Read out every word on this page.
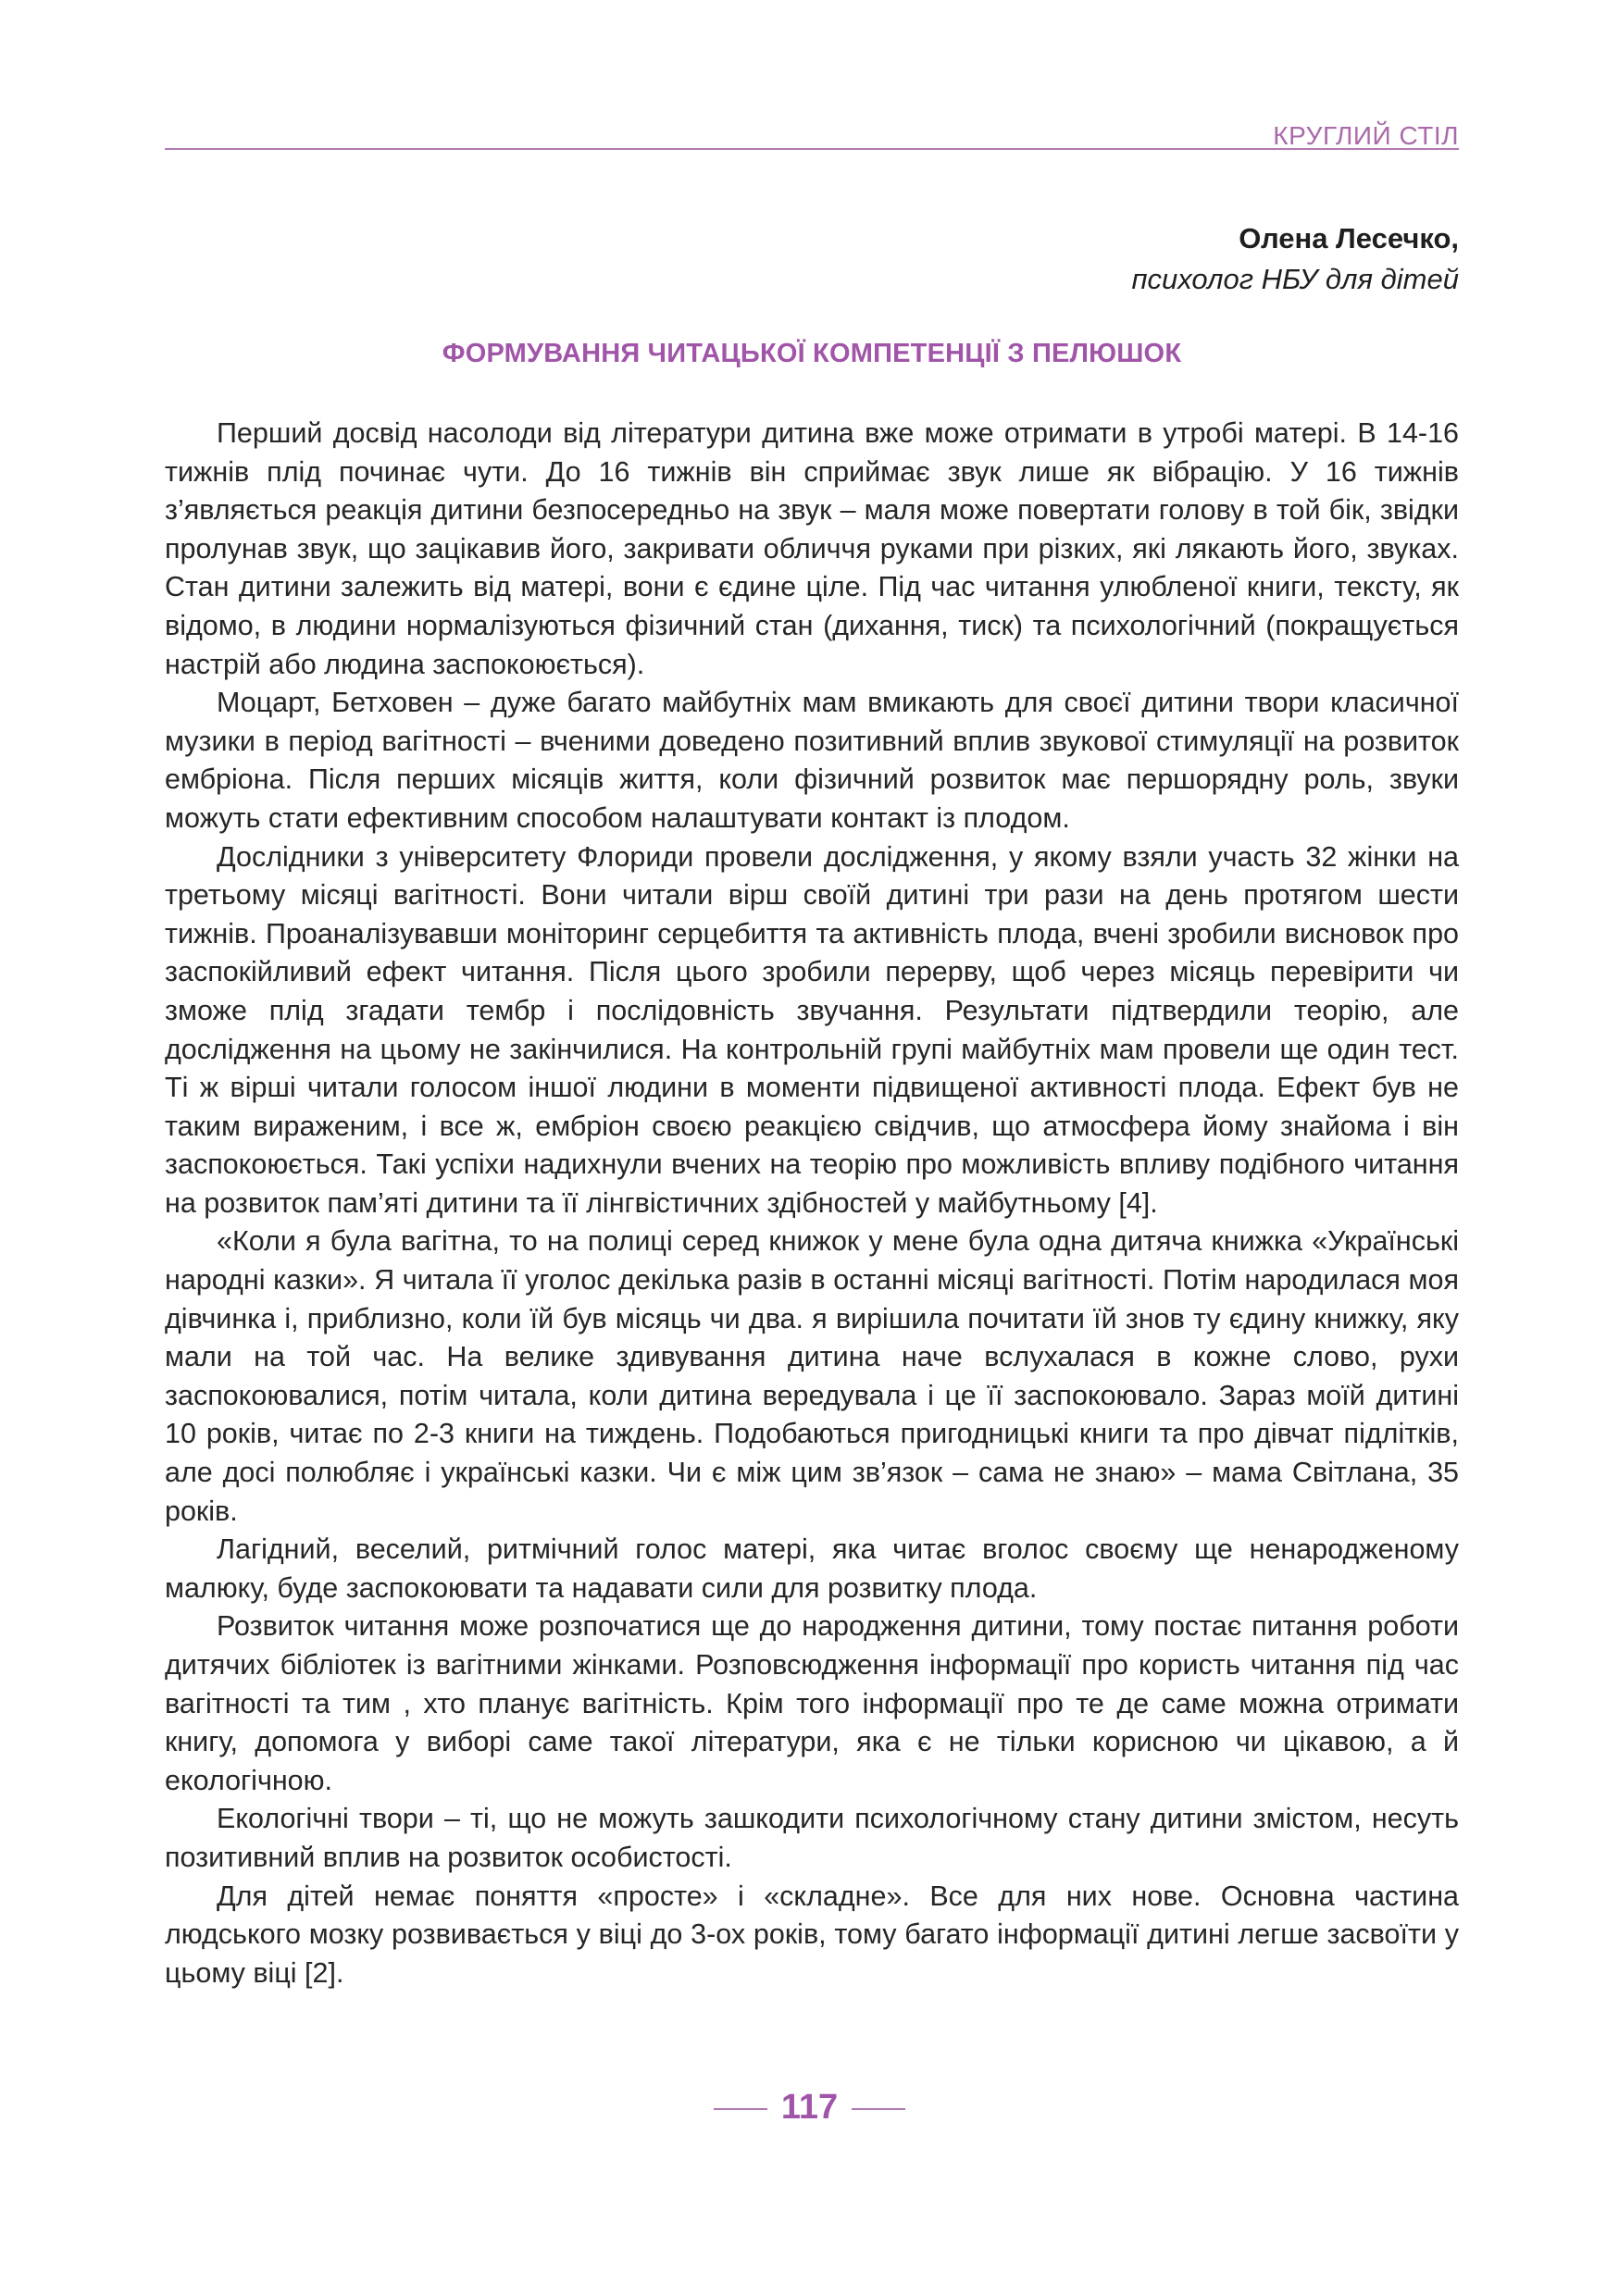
КРУГЛИЙ СТІЛ
Олена Лесечко,
психолог НБУ для дітей
ФОРМУВАННЯ ЧИТАЦЬКОЇ КОМПЕТЕНЦІЇ З ПЕЛЮШОК

Перший досвід насолоди від літератури дитина вже може отримати в утробі матері. В 14-16 тижнів плід починає чути. До 16 тижнів він сприймає звук лише як вібрацію. У 16 тижнів з’являється реакція дитини безпосередньо на звук – маля може повертати голову в той бік, звідки пролунав звук, що зацікавив його, закривати обличчя руками при різких, які лякають його, звуках. Стан дитини залежить від матері, вони є єдине ціле. Під час читання улюбленої книги, тексту, як відомо, в людини нормалізуються фізичний стан (дихання, тиск) та психологічний (покращується настрій або людина заспокоюється).

Моцарт, Бетховен – дуже багато майбутніх мам вмикають для своєї дитини твори класичної музики в період вагітності – вченими доведено позитивний вплив звукової стимуляції на розвиток ембріона. Після перших місяців життя, коли фізичний розвиток має першорядну роль, звуки можуть стати ефективним способом налаштувати контакт із плодом.

Дослідники з університету Флориди провели дослідження, у якому взяли участь 32 жінки на третьому місяці вагітності. Вони читали вірш своїй дитині три рази на день протягом шести тижнів. Проаналізувавши моніторинг серцебиття та активність плода, вчені зробили висновок про заспокійливий ефект читання. Після цього зробили перерву, щоб через місяць перевірити чи зможе плід згадати тембр і послідовність звучання. Результати підтвердили теорію, але дослідження на цьому не закінчилися. На контрольній групі майбутніх мам провели ще один тест. Ті ж вірші читали голосом іншої людини в моменти підвищеної активності плода. Ефект був не таким вираженим, і все ж, ембріон своєю реакцією свідчив, що атмосфера йому знайома і він заспокоюється. Такі успіхи надихнули вчених на теорію про можливість впливу подібного читання на розвиток пам’яті дитини та її лінгвістичних здібностей у майбутньому [4].

«Коли я була вагітна, то на полиці серед книжок у мене була одна дитяча книжка «Українські народні казки». Я читала її уголос декілька разів в останні місяці вагітності. Потім народилася моя дівчинка і, приблизно, коли їй був місяць чи два. я вирішила почитати їй знов ту єдину книжку, яку мали на той час. На велике здивування дитина наче вслухалася в кожне слово, рухи заспокоювалися, потім читала, коли дитина вередувала і це її заспокоювало. Зараз моїй дитині 10 років, читає по 2-3 книги на тиждень. Подобаються пригодницькі книги та про дівчат підлітків, але досі полюбляє і українські казки. Чи є між цим зв’язок – сама не знаю» – мама Світлана, 35 років.

Лагідний, веселий, ритмічний голос матері, яка читає вголос своєму ще ненародженому малюку, буде заспокоювати та надавати сили для розвитку плода.

Розвиток читання може розпочатися ще до народження дитини, тому постає питання роботи дитячих бібліотек із вагітними жінками. Розповсюдження інформації про користь читання під час вагітності та тим , хто планує вагітність. Крім того інформації про те де саме можна отримати книгу, допомога у виборі саме такої літератури, яка є не тільки корисною чи цікавою, а й екологічною.

Екологічні твори – ті, що не можуть зашкодити психологічному стану дитини змістом, несуть позитивний вплив на розвиток особистості.

Для дітей немає поняття «просте» і «складне». Все для них нове. Основна частина людського мозку розвивається у віці до 3-ох років, тому багато інформації дитині легше засвоїти у цьому віці [2].

117
